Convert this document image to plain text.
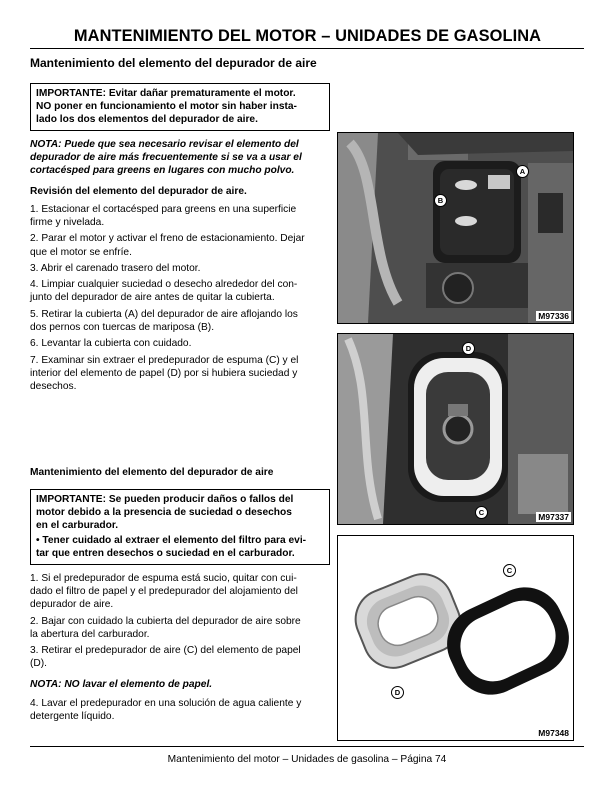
MANTENIMIENTO DEL MOTOR – UNIDADES DE GASOLINA
Mantenimiento del elemento del depurador de aire

IMPORTANTE: Evitar dañar prematuramente el motor.

NO poner en funcionamiento el motor sin haber insta-

lado los dos elementos del depurador de aire.

NOTA: Puede que sea necesario revisar el elemento del
depurador de aire más frecuentemente si se va a usar el
cortacésped para greens en lugares con mucho polvo.
Revisión del elemento del depurador de aire.
1. Estacionar el cortacésped para greens en una superficie
firme y nivelada.
2. Parar el motor y activar el freno de estacionamiento. Dejar
que el motor se enfríe.
3. Abrir el carenado trasero del motor.
4. Limpiar cualquier suciedad o desecho alrededor del con-
junto del depurador de aire antes de quitar la cubierta.
5. Retirar la cubierta (A) del depurador de aire aflojando los
dos pernos con tuercas de mariposa (B).
6. Levantar la cubierta con cuidado.
7. Examinar sin extraer el predepurador de espuma (C) y el
interior del elemento de papel (D) por si hubiera suciedad y
desechos.
Mantenimiento del elemento del depurador de aire

IMPORTANTE: Se pueden producir daños o fallos del

motor debido a la presencia de suciedad o desechos

en el carburador.

• Tener cuidado al extraer el elemento del filtro para evi-

tar que entren desechos o suciedad en el carburador.

1. Si el predepurador de espuma está sucio, quitar con cui-
dado el filtro de papel y el predepurador del alojamiento del
depurador de aire.
2. Bajar con cuidado la cubierta del depurador de aire sobre
la abertura del carburador.
3. Retirar el predepurador de aire (C) del elemento de papel
(D).
NOTA: NO lavar el elemento de papel.
4. Lavar el predepurador en una solución de agua caliente y
detergente líquido.
A
B
M97336
D
C	M97337
C
D
M97348
Mantenimiento del motor – Unidades de gasolina – Página 74
